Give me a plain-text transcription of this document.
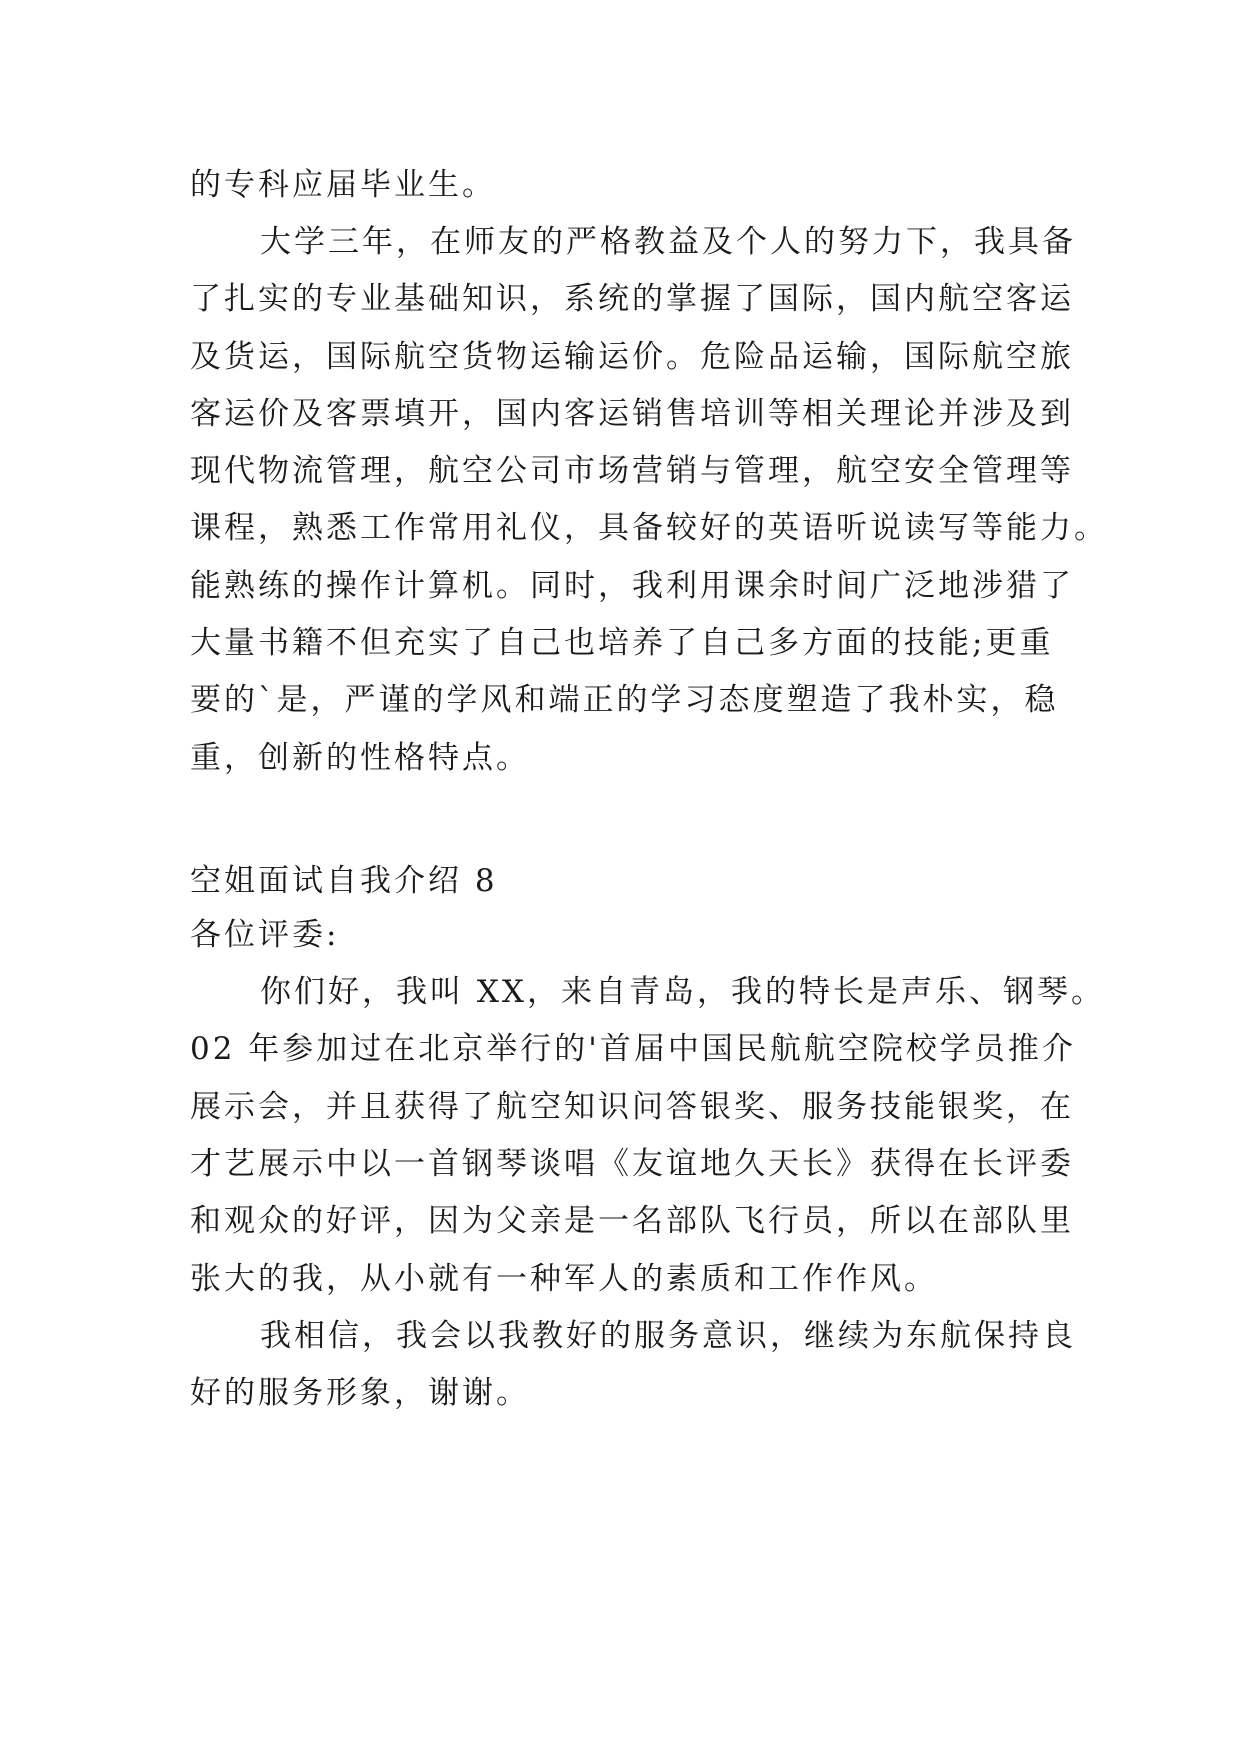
的专科应届毕业生。
大学三年，在师友的严格教益及个人的努力下，我具备
了扎实的专业基础知识，系统的掌握了国际，国内航空客运
及货运，国际航空货物运输运价。危险品运输，国际航空旅
客运价及客票填开，国内客运销售培训等相关理论并涉及到
现代物流管理，航空公司市场营销与管理，航空安全管理等
课程，熟悉工作常用礼仪，具备较好的英语听说读写等能力。
能熟练的操作计算机。同时，我利用课余时间广泛地涉猎了
大量书籍不但充实了自己也培养了自己多方面的技能;更重
要的`是，严谨的学风和端正的学习态度塑造了我朴实，稳
重，创新的性格特点。
空姐面试自我介绍 8
各位评委:
你们好，我叫 XX，来自青岛，我的特长是声乐、钢琴。
02 年参加过在北京举行的'首届中国民航航空院校学员推介
展示会，并且获得了航空知识问答银奖、服务技能银奖，在
才艺展示中以一首钢琴谈唱《友谊地久天长》获得在长评委
和观众的好评，因为父亲是一名部队飞行员，所以在部队里
张大的我，从小就有一种军人的素质和工作作风。
我相信，我会以我教好的服务意识，继续为东航保持良
好的服务形象，谢谢。
